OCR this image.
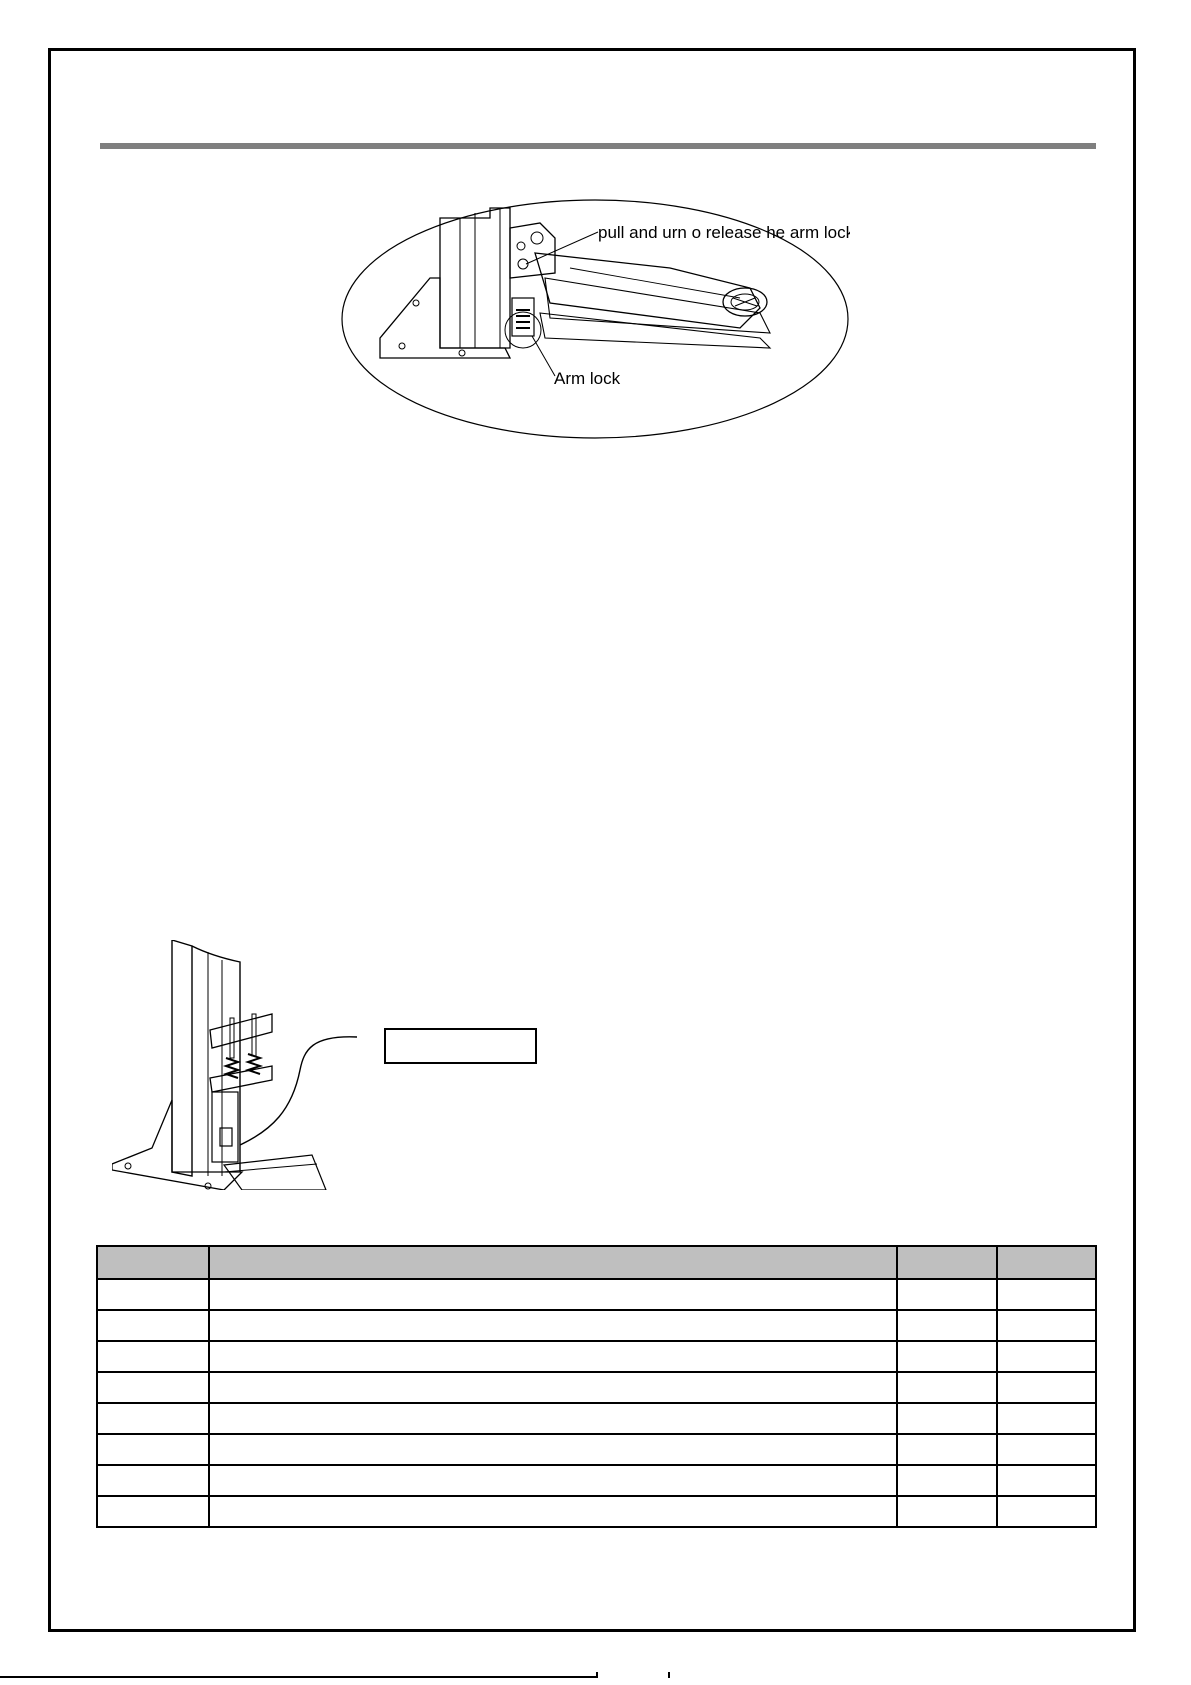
pull and urn o release he arm lock
Arm lock
